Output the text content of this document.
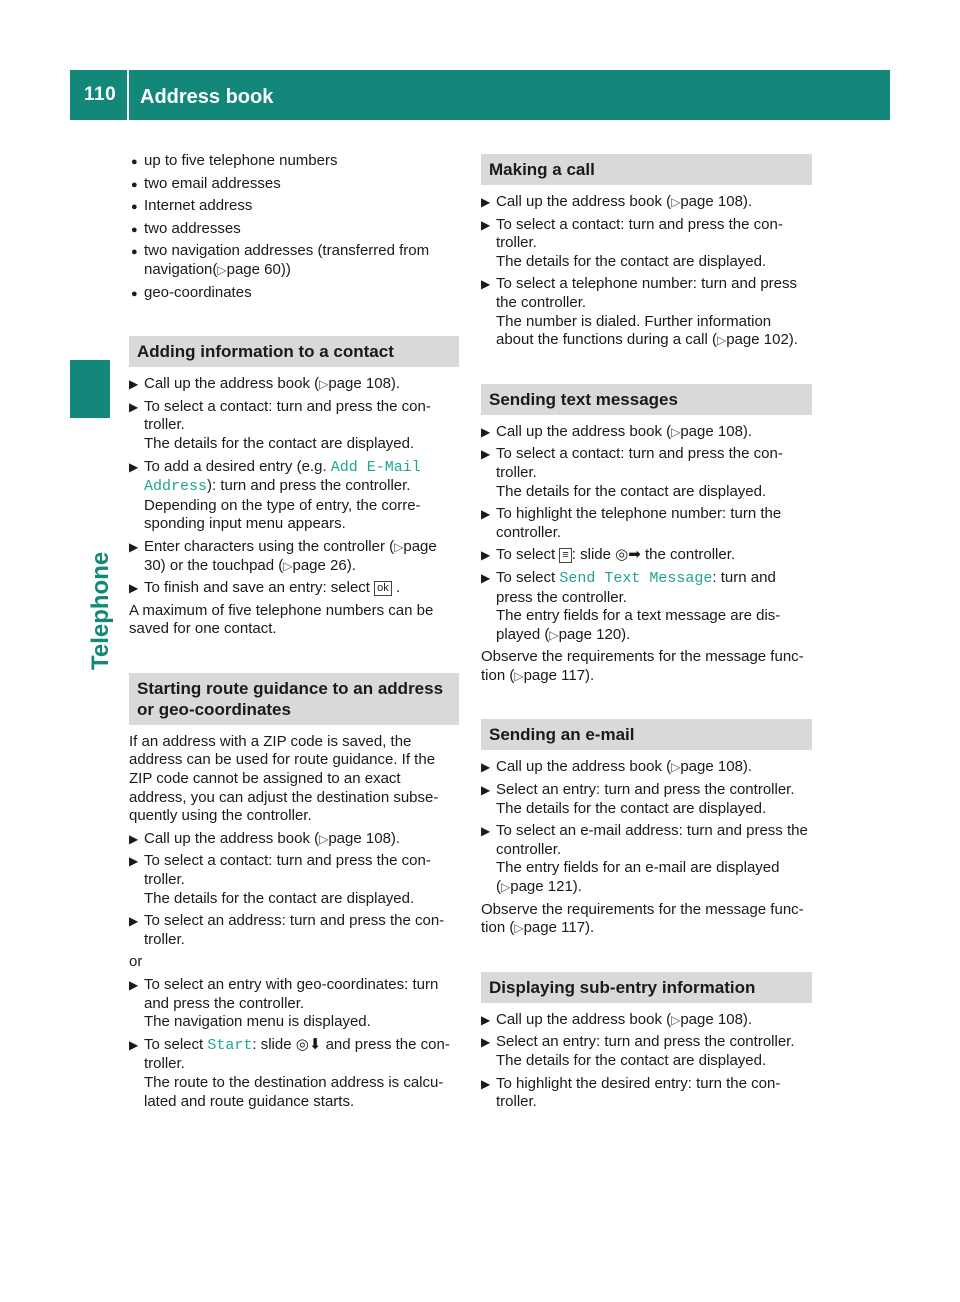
110 Address book
Telephone
● up to five telephone numbers
● two email addresses
● Internet address
● two addresses
● two navigation addresses (transferred from navigation(▷page 60))
● geo-coordinates
Adding information to a contact
▶ Call up the address book (▷page 108).
▶ To select a contact: turn and press the con-troller.
The details for the contact are displayed.
▶ To add a desired entry (e.g. Add E-Mail Address): turn and press the controller.
Depending on the type of entry, the corre-sponding input menu appears.
▶ Enter characters using the controller (▷page 30) or the touchpad (▷page 26).
▶ To finish and save an entry: select ok .
A maximum of five telephone numbers can be saved for one contact.
Starting route guidance to an address or geo-coordinates
If an address with a ZIP code is saved, the address can be used for route guidance. If the ZIP code cannot be assigned to an exact address, you can adjust the destination subse-quently using the controller.
▶ Call up the address book (▷page 108).
▶ To select a contact: turn and press the con-troller.
The details for the contact are displayed.
▶ To select an address: turn and press the con-troller.
or
▶ To select an entry with geo-coordinates: turn and press the controller.
The navigation menu is displayed.
▶ To select Start: slide ◎⬇ and press the con-troller.
The route to the destination address is calcu-lated and route guidance starts.
Making a call
▶ Call up the address book (▷page 108).
▶ To select a contact: turn and press the con-troller.
The details for the contact are displayed.
▶ To select a telephone number: turn and press the controller.
The number is dialed. Further information about the functions during a call (▷page 102).
Sending text messages
▶ Call up the address book (▷page 108).
▶ To select a contact: turn and press the con-troller.
The details for the contact are displayed.
▶ To highlight the telephone number: turn the controller.
▶ To select ≡ : slide ◎➡ the controller.
▶ To select Send Text Message: turn and press the controller.
The entry fields for a text message are dis-played (▷page 120).
Observe the requirements for the message func-tion (▷page 117).
Sending an e-mail
▶ Call up the address book (▷page 108).
▶ Select an entry: turn and press the controller.
The details for the contact are displayed.
▶ To select an e-mail address: turn and press the controller.
The entry fields for an e-mail are displayed (▷page 121).
Observe the requirements for the message func-tion (▷page 117).
Displaying sub-entry information
▶ Call up the address book (▷page 108).
▶ Select an entry: turn and press the controller.
The details for the contact are displayed.
▶ To highlight the desired entry: turn the con-troller.
